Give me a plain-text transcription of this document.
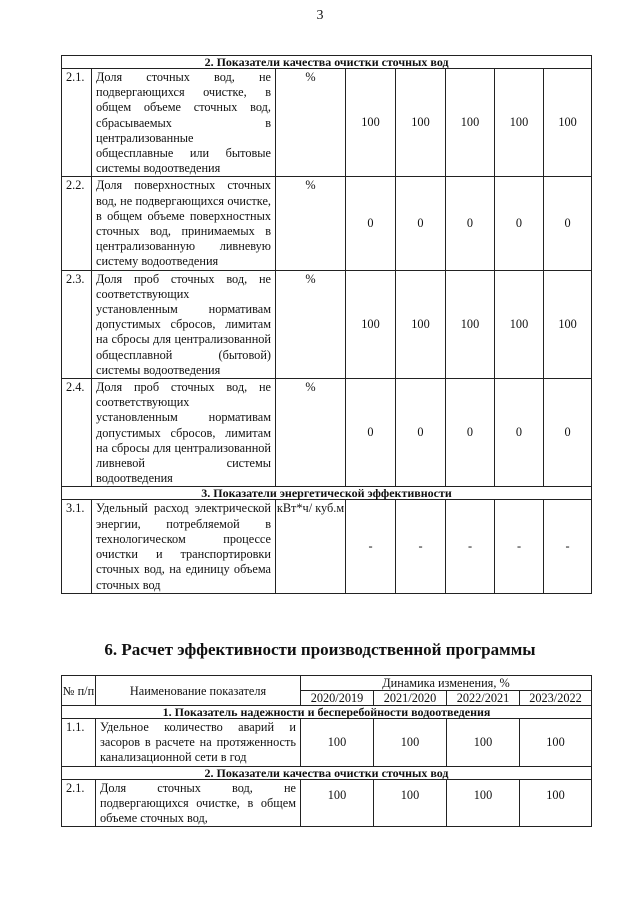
3
2. Показатели качества очистки сточных вод							
2.1.	Доля сточных вод, не подвергающихся очистке, в общем объеме сточных вод, сбрасываемых в централизованные общесплавные или бытовые системы водоотведения	%	100	100	100	100	100
2.2.	Доля поверхностных сточных вод, не подвергающихся очистке, в общем объеме поверхностных сточных вод, принимаемых в централизованную ливневую систему водоотведения	%	0	0	0	0	0
2.3.	Доля проб сточных вод, не соответствующих установленным нормативам допустимых сбросов, лимитам на сбросы для централизованной общесплавной (бытовой) системы водоотведения	%	100	100	100	100	100
2.4.	Доля проб сточных вод, не соответствующих установленным нормативам допустимых сбросов, лимитам на сбросы для централизованной ливневой системы водоотведения	%	0	0	0	0	0
3. Показатели энергетической эффективности							
3.1.	Удельный расход электрической энергии, потребляемой в технологическом процессе очистки и транспортировки сточных вод, на единицу объема сточных вод	кВт*ч/ куб.м	-	-	-	-	-
6. Расчет эффективности производственной программы
№ п/п	Наименование показателя	Динамика изменения, %			
		2020/2019	2021/2020	2022/2021	2023/2022
1. Показатель надежности и бесперебойности водоотведения					
1.1.	Удельное количество аварий и засоров в расчете на протяженность канализационной сети в год	100	100	100	100
2. Показатели качества очистки сточных вод					
2.1.	Доля сточных вод, не подвергающихся очистке, в общем объеме сточных вод,	100	100	100	100
